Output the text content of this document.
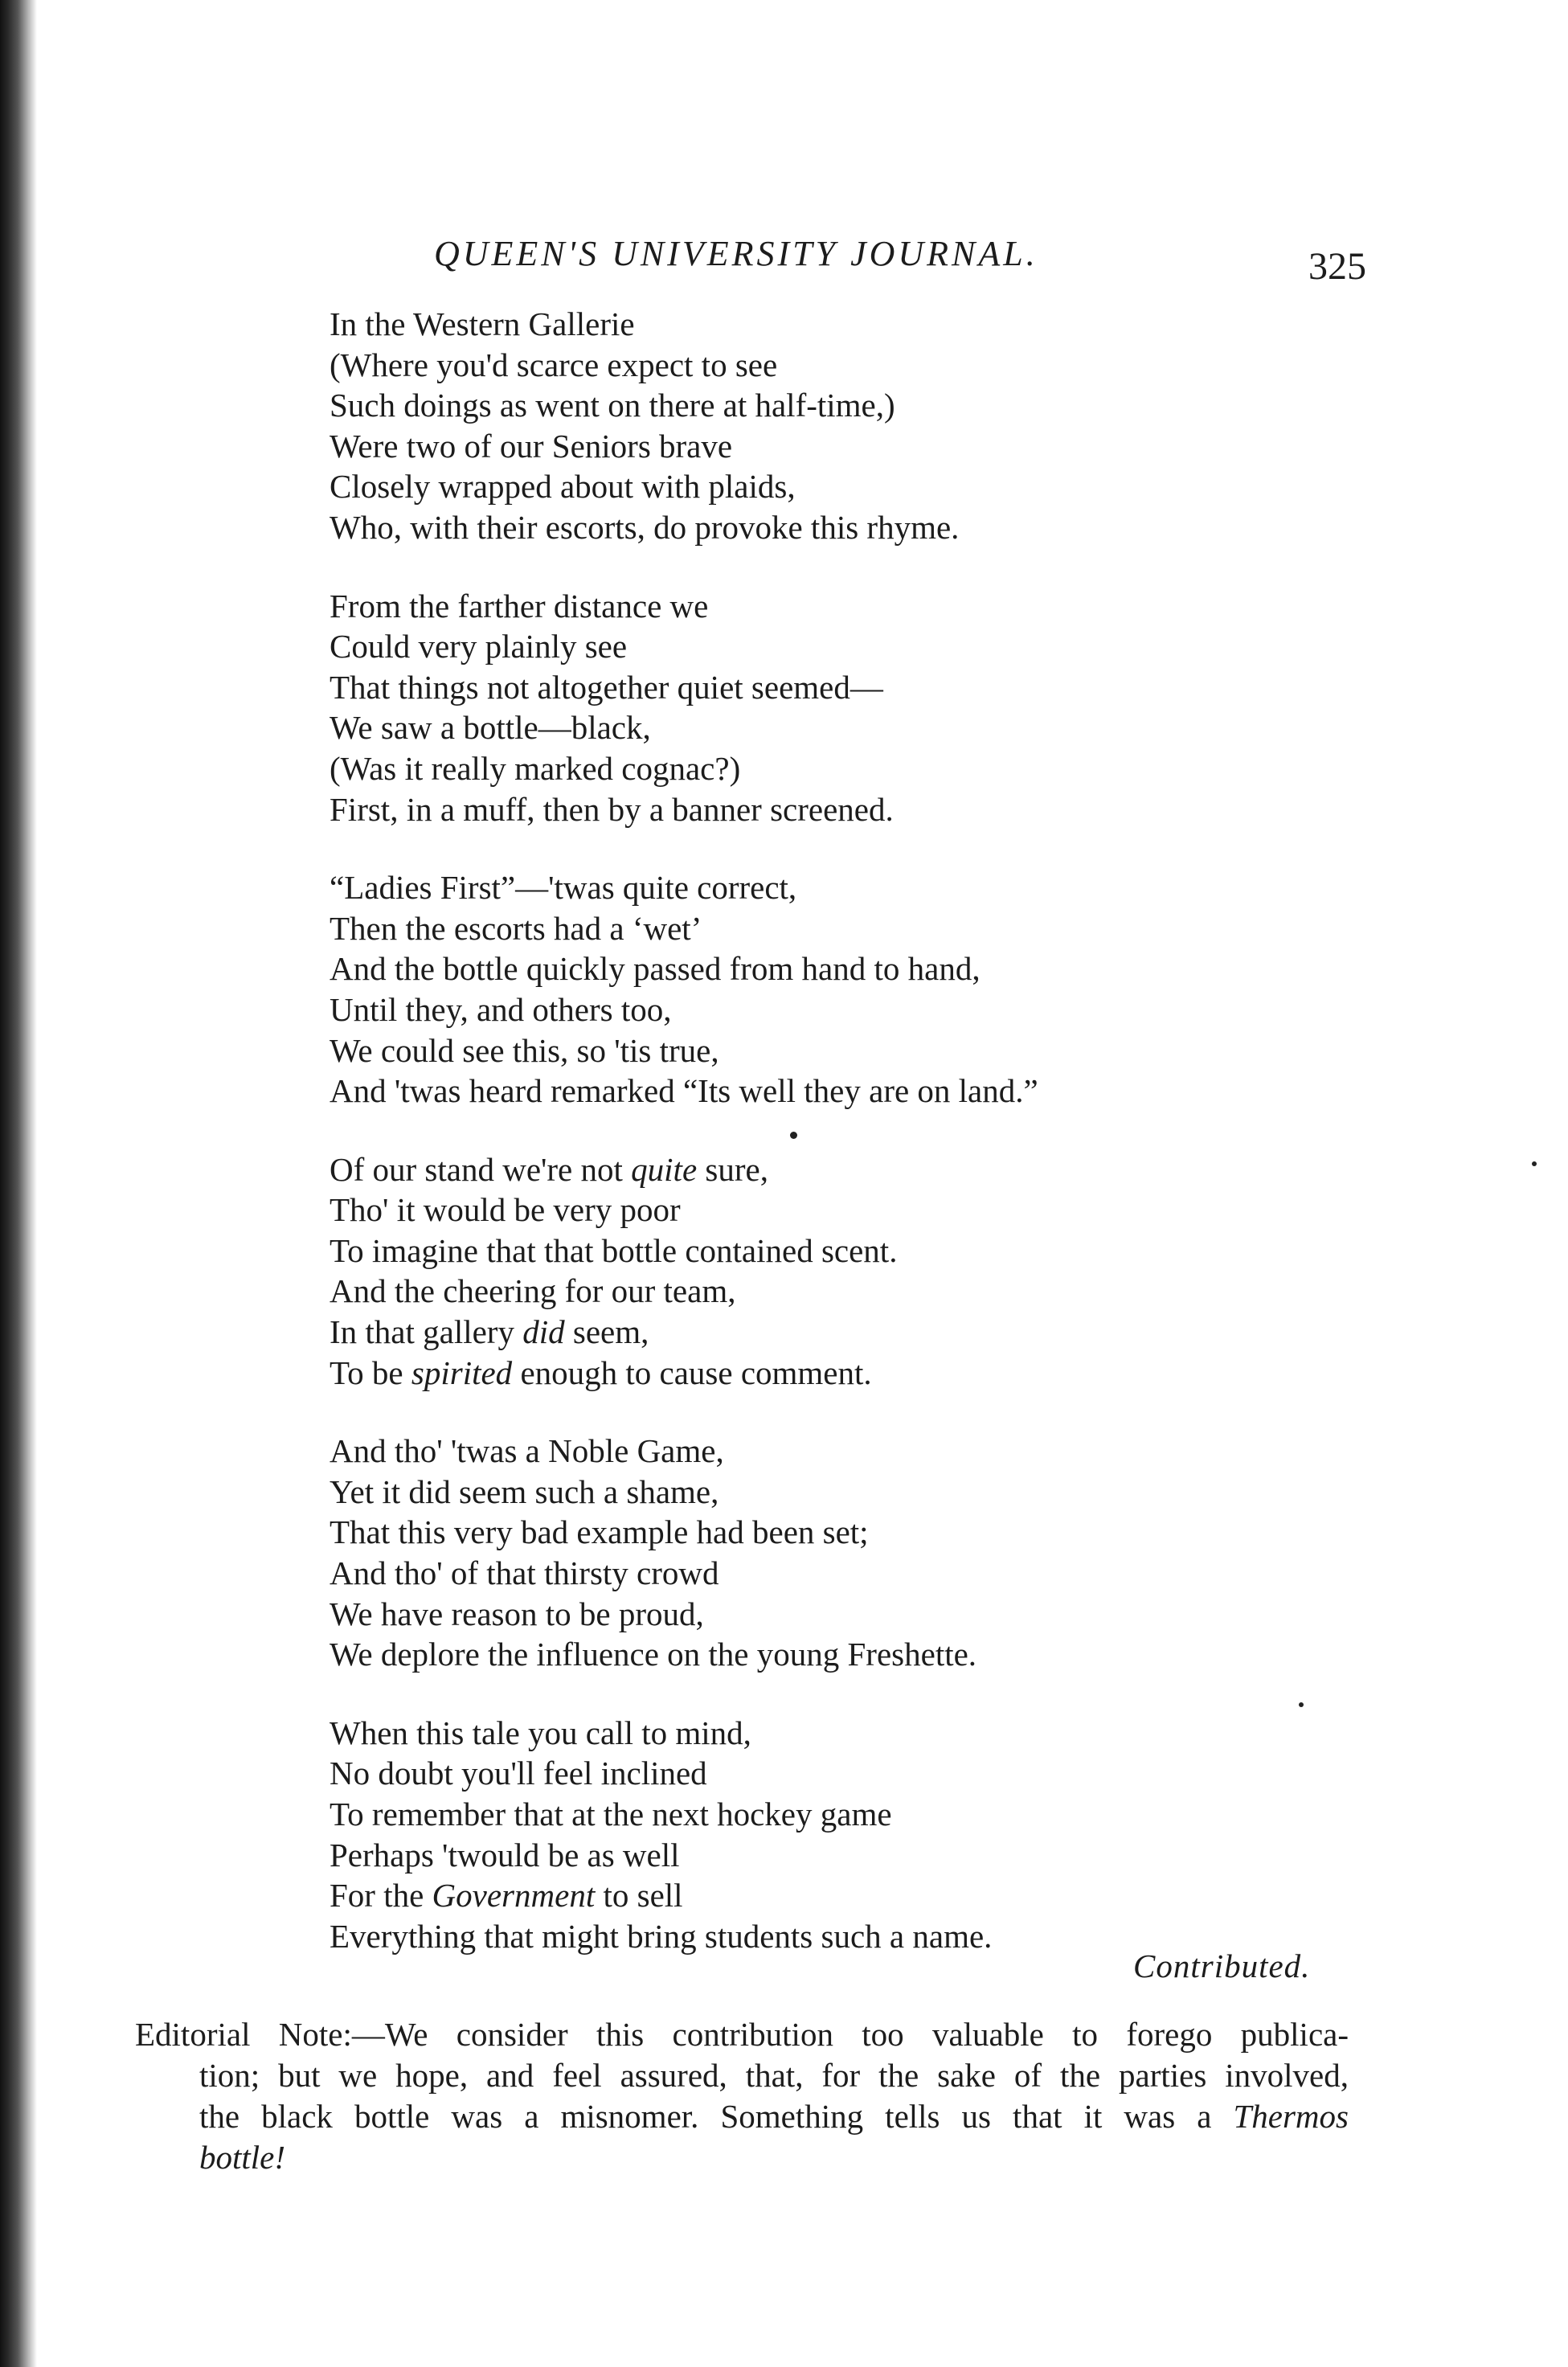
QUEEN'S UNIVERSITY JOURNAL.	325
In the Western Gallerie
(Where you'd scarce expect to see
Such doings as went on there at half-time,)
Were two of our Seniors brave
Closely wrapped about with plaids,
Who, with their escorts, do provoke this rhyme.
From the farther distance we
Could very plainly see
That things not altogether quiet seemed—
We saw a bottle—black,
(Was it really marked cognac?)
First, in a muff, then by a banner screened.
“Ladies First”—'twas quite correct,
Then the escorts had a ‘wet’
And the bottle quickly passed from hand to hand,
Until they, and others too,
We could see this, so 'tis true,
And 'twas heard remarked “Its well they are on land.”
Of our stand we're not quite sure,
Tho' it would be very poor
To imagine that that bottle contained scent.
And the cheering for our team,
In that gallery did seem,
To be spirited enough to cause comment.
And tho' 'twas a Noble Game,
Yet it did seem such a shame,
That this very bad example had been set;
And tho' of that thirsty crowd
We have reason to be proud,
We deplore the influence on the young Freshette.
When this tale you call to mind,
No doubt you'll feel inclined
To remember that at the next hockey game
Perhaps 'twould be as well
For the Government to sell
Everything that might bring students such a name.
Contributed.
Editorial Note:—We consider this contribution too valuable to forego publica-
tion; but we hope, and feel assured, that, for the sake of the parties involved,
the black bottle was a misnomer. Something tells us that it was a Thermos
bottle!
